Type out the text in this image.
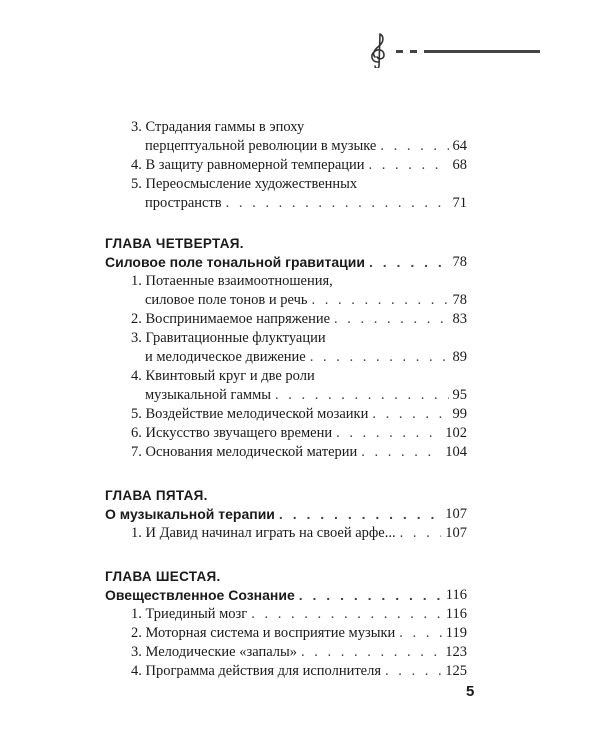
3. Страдания гаммы в эпоху
перцептуальной революции в музыке . . .	64
4. В защиту равномерной темперации . . .	68
5. Переосмысление художественных
пространств . . .	71
ГЛАВА ЧЕТВЕРТАЯ.
Силовое поле тональной гравитации . . .	78
1. Потаенные взаимоотношения,
силовое поле тонов и речь . . .	78
2. Воспринимаемое напряжение . . .	83
3. Гравитационные флуктуации
и мелодическое движение . . .	89
4. Квинтовый круг и две роли
музыкальной гаммы . . .	95
5. Воздействие мелодической мозаики . . .	99
6. Искусство звучащего времени . . .	102
7. Основания мелодической материи . . .	104
ГЛАВА ПЯТАЯ.
О музыкальной терапии . . .	107
1. И Давид начинал играть на своей арфе... . . .	107
ГЛАВА ШЕСТАЯ.
Овеществленное Сознание . . .	116
1. Триединый мозг . . .	116
2. Моторная система и восприятие музыки . . .	119
3. Мелодические «запалы» . . .	123
4. Программа действия для исполнителя . . .	125
5
